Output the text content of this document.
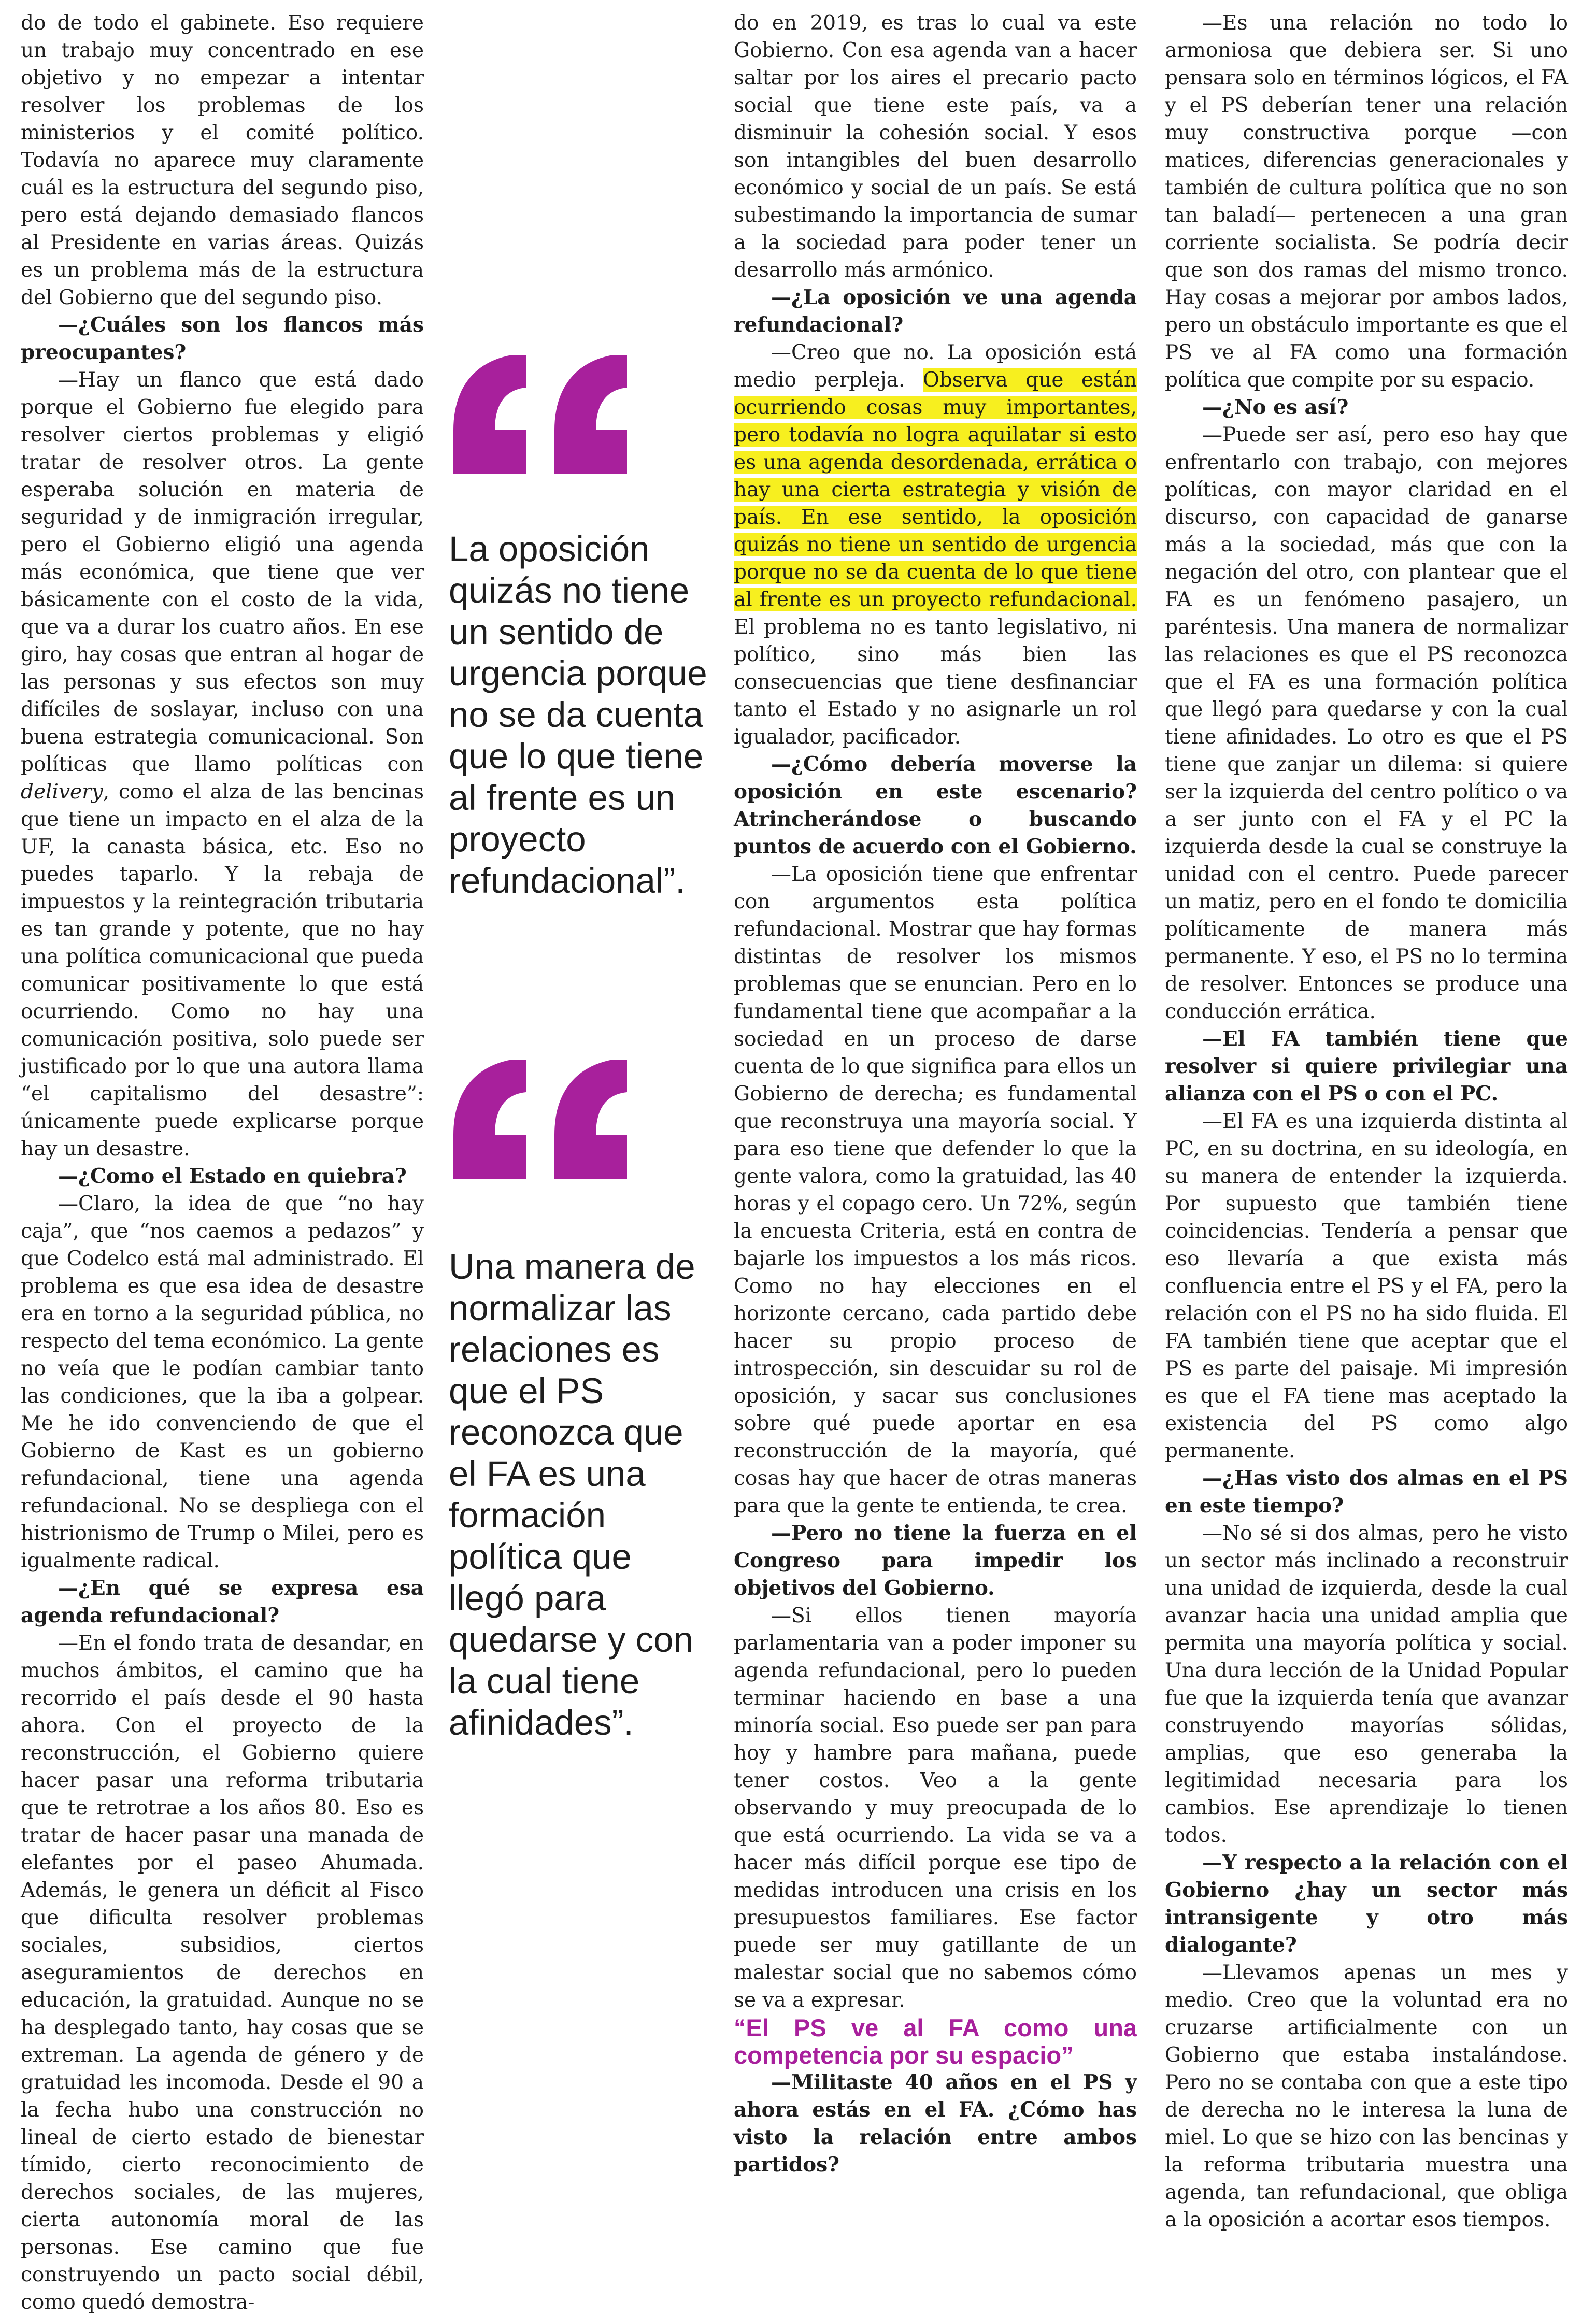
do de todo el gabinete. Eso requiere un trabajo muy concentrado en ese objetivo y no empezar a intentar resolver los problemas de los ministerios y el comité político. Todavía no aparece muy claramente cuál es la estructura del segundo piso, pero está dejando demasiado flancos al Presidente en varias áreas. Quizás es un problema más de la estructura del Gobierno que del segundo piso.

—¿Cuáles son los flancos más preocupantes?

—Hay un flanco que está dado porque el Gobierno fue elegido para resolver ciertos problemas y eligió tratar de resolver otros. La gente esperaba solución en materia de seguridad y de inmigración irregular, pero el Gobierno eligió una agenda más económica, que tiene que ver básicamente con el costo de la vida, que va a durar los cuatro años. En ese giro, hay cosas que entran al hogar de las personas y sus efectos son muy difíciles de soslayar, incluso con una buena estrategia comunicacional. Son políticas que llamo políticas con delivery, como el alza de las bencinas que tiene un impacto en el alza de la UF, la canasta básica, etc. Eso no puedes taparlo. Y la rebaja de impuestos y la reintegración tributaria es tan grande y potente, que no hay una política comunicacional que pueda comunicar positivamente lo que está ocurriendo. Como no hay una comunicación positiva, solo puede ser justificado por lo que una autora llama “el capitalismo del desastre”: únicamente puede explicarse porque hay un desastre.

—¿Como el Estado en quiebra?

—Claro, la idea de que “no hay caja”, que “nos caemos a pedazos” y que Codelco está mal administrado. El problema es que esa idea de desastre era en torno a la seguridad pública, no respecto del tema económico. La gente no veía que le podían cambiar tanto las condiciones, que la iba a golpear. Me he ido convenciendo de que el Gobierno de Kast es un gobierno refundacional, tiene una agenda refundacional. No se despliega con el histrionismo de Trump o Milei, pero es igualmente radical.

—¿En qué se expresa esa agenda refundacional?

—En el fondo trata de desandar, en muchos ámbitos, el camino que ha recorrido el país desde el 90 hasta ahora. Con el proyecto de la reconstrucción, el Gobierno quiere hacer pasar una reforma tributaria que te retrotrae a los años 80. Eso es tratar de hacer pasar una manada de elefantes por el paseo Ahumada. Además, le genera un déficit al Fisco que dificulta resolver problemas sociales, subsidios, ciertos aseguramientos de derechos en educación, la gratuidad. Aunque no se ha desplegado tanto, hay cosas que se extreman. La agenda de género y de gratuidad les incomoda. Desde el 90 a la fecha hubo una construcción no lineal de cierto estado de bienestar tímido, cierto reconocimiento de derechos sociales, de las mujeres, cierta autonomía moral de las personas. Ese camino que fue construyendo un pacto social débil, como quedó demostra-

La oposición quizás no tiene un sentido de urgencia porque no se da cuenta que lo que tiene al frente es un proyecto refundacional”.
Una manera de normalizar las relaciones es que el PS reconozca que el FA es una formación política que llegó para quedarse y con la cual tiene afinidades”.

do en 2019, es tras lo cual va este Gobierno. Con esa agenda van a hacer saltar por los aires el precario pacto social que tiene este país, va a disminuir la cohesión social. Y esos son intangibles del buen desarrollo económico y social de un país. Se está subestimando la importancia de sumar a la sociedad para poder tener un desarrollo más armónico.

—¿La oposición ve una agenda refundacional?

—Creo que no. La oposición está medio perpleja. Observa que están ocurriendo cosas muy importantes, pero todavía no logra aquilatar si esto es una agenda desordenada, errática o hay una cierta estrategia y visión de país. En ese sentido, la oposición quizás no tiene un sentido de urgencia porque no se da cuenta de lo que tiene al frente es un proyecto refundacional. El problema no es tanto legislativo, ni político, sino más bien las consecuencias que tiene desfinanciar tanto el Estado y no asignarle un rol igualador, pacificador.

—¿Cómo debería moverse la oposición en este escenario? Atrincherándose o buscando puntos de acuerdo con el Gobierno.

—La oposición tiene que enfrentar con argumentos esta política refundacional. Mostrar que hay formas distintas de resolver los mismos problemas que se enuncian. Pero en lo fundamental tiene que acompañar a la sociedad en un proceso de darse cuenta de lo que significa para ellos un Gobierno de derecha; es fundamental que reconstruya una mayoría social. Y para eso tiene que defender lo que la gente valora, como la gratuidad, las 40 horas y el copago cero. Un 72%, según la encuesta Criteria, está en contra de bajarle los impuestos a los más ricos. Como no hay elecciones en el horizonte cercano, cada partido debe hacer su propio proceso de introspección, sin descuidar su rol de oposición, y sacar sus conclusiones sobre qué puede aportar en esa reconstrucción de la mayoría, qué cosas hay que hacer de otras maneras para que la gente te entienda, te crea.

—Pero no tiene la fuerza en el Congreso para impedir los objetivos del Gobierno.

—Si ellos tienen mayoría parlamentaria van a poder imponer su agenda refundacional, pero lo pueden terminar haciendo en base a una minoría social. Eso puede ser pan para hoy y hambre para mañana, puede tener costos. Veo a la gente observando y muy preocupada de lo que está ocurriendo. La vida se va a hacer más difícil porque ese tipo de medidas introducen una crisis en los presupuestos familiares. Ese factor puede ser muy gatillante de un malestar social que no sabemos cómo se va a expresar.

“El PS ve al FA como una competencia por su espacio”

—Militaste 40 años en el PS y ahora estás en el FA. ¿Cómo has visto la relación entre ambos partidos?

—Es una relación no todo lo armoniosa que debiera ser. Si uno pensara solo en términos lógicos, el FA y el PS deberían tener una relación muy constructiva porque —con matices, diferencias generacionales y también de cultura política que no son tan baladí— pertenecen a una gran corriente socialista. Se podría decir que son dos ramas del mismo tronco. Hay cosas a mejorar por ambos lados, pero un obstáculo importante es que el PS ve al FA como una formación política que compite por su espacio.

—¿No es así?

—Puede ser así, pero eso hay que enfrentarlo con trabajo, con mejores políticas, con mayor claridad en el discurso, con capacidad de ganarse más a la sociedad, más que con la negación del otro, con plantear que el FA es un fenómeno pasajero, un paréntesis. Una manera de normalizar las relaciones es que el PS reconozca que el FA es una formación política que llegó para quedarse y con la cual tiene afinidades. Lo otro es que el PS tiene que zanjar un dilema: si quiere ser la izquierda del centro político o va a ser junto con el FA y el PC la izquierda desde la cual se construye la unidad con el centro. Puede parecer un matiz, pero en el fondo te domicilia políticamente de manera más permanente. Y eso, el PS no lo termina de resolver. Entonces se produce una conducción errática.

—El FA también tiene que resolver si quiere privilegiar una alianza con el PS o con el PC.

—El FA es una izquierda distinta al PC, en su doctrina, en su ideología, en su manera de entender la izquierda. Por supuesto que también tiene coincidencias. Tendería a pensar que eso llevaría a que exista más confluencia entre el PS y el FA, pero la relación con el PS no ha sido fluida. El FA también tiene que aceptar que el PS es parte del paisaje. Mi impresión es que el FA tiene mas aceptado la existencia del PS como algo permanente.

—¿Has visto dos almas en el PS en este tiempo?

—No sé si dos almas, pero he visto un sector más inclinado a reconstruir una unidad de izquierda, desde la cual avanzar hacia una unidad amplia que permita una mayoría política y social. Una dura lección de la Unidad Popular fue que la izquierda tenía que avanzar construyendo mayorías sólidas, amplias, que eso generaba la legitimidad necesaria para los cambios. Ese aprendizaje lo tienen todos.

—Y respecto a la relación con el Gobierno ¿hay un sector más intransigente y otro más dialogante?

—Llevamos apenas un mes y medio. Creo que la voluntad era no cruzarse artificialmente con un Gobierno que estaba instalándose. Pero no se contaba con que a este tipo de derecha no le interesa la luna de miel. Lo que se hizo con las bencinas y la reforma tributaria muestra una agenda, tan refundacional, que obliga a la oposición a acortar esos tiempos.
